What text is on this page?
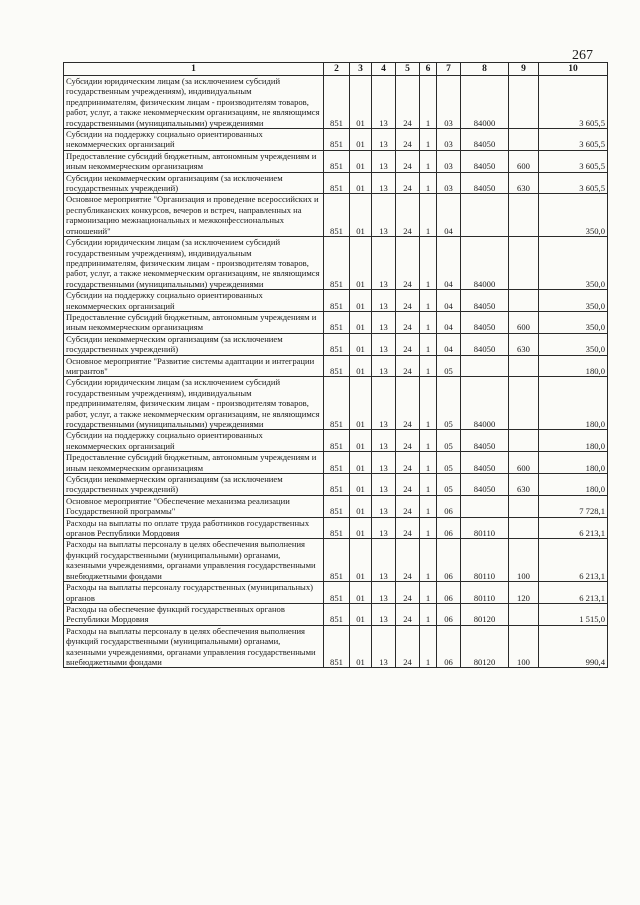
267
1	2	3	4	5	6	7	8	9	10
Субсидии юридическим лицам (за исключением субсидий государственным учреждениям), индивидуальным предпринимателям, физическим лицам - производителям товаров, работ, услуг, а также некоммерческим организациям, не являющимся государственными (муниципальными) учреждениями	851	01	13	24	1	03	84000		3 605,5
Субсидии на поддержку социально ориентированных некоммерческих организаций	851	01	13	24	1	03	84050		3 605,5
Предоставление субсидий бюджетным, автономным учреждениям и иным некоммерческим организациям	851	01	13	24	1	03	84050	600	3 605,5
Субсидии некоммерческим организациям (за исключением государственных учреждений)	851	01	13	24	1	03	84050	630	3 605,5
Основное мероприятие "Организация и проведение всероссийских и республиканских конкурсов, вечеров и встреч, направленных на гармонизацию межнациональных и межконфессиональных отношений"	851	01	13	24	1	04			350,0
Субсидии юридическим лицам (за исключением субсидий государственным учреждениям), индивидуальным предпринимателям, физическим лицам - производителям товаров, работ, услуг, а также некоммерческим организациям, не являющимся государственными (муниципальными) учреждениями	851	01	13	24	1	04	84000		350,0
Субсидии на поддержку социально ориентированных некоммерческих организаций	851	01	13	24	1	04	84050		350,0
Предоставление субсидий бюджетным, автономным учреждениям и иным некоммерческим организациям	851	01	13	24	1	04	84050	600	350,0
Субсидии некоммерческим организациям (за исключением государственных учреждений)	851	01	13	24	1	04	84050	630	350,0
Основное мероприятие "Развитие системы адаптации и интеграции мигрантов"	851	01	13	24	1	05			180,0
Субсидии юридическим лицам (за исключением субсидий государственным учреждениям), индивидуальным предпринимателям, физическим лицам - производителям товаров, работ, услуг, а также некоммерческим организациям, не являющимся государственными (муниципальными) учреждениями	851	01	13	24	1	05	84000		180,0
Субсидии на поддержку социально ориентированных некоммерческих организаций	851	01	13	24	1	05	84050		180,0
Предоставление субсидий бюджетным, автономным учреждениям и иным некоммерческим организациям	851	01	13	24	1	05	84050	600	180,0
Субсидии некоммерческим организациям (за исключением государственных учреждений)	851	01	13	24	1	05	84050	630	180,0
Основное мероприятие "Обеспечение механизма реализации Государственной программы"	851	01	13	24	1	06			7 728,1
Расходы на выплаты по оплате труда работников государственных органов Республики Мордовия	851	01	13	24	1	06	80110		6 213,1
Расходы на выплаты персоналу в целях обеспечения выполнения функций государственными (муниципальными) органами, казенными учреждениями, органами управления государственными внебюджетными фондами	851	01	13	24	1	06	80110	100	6 213,1
Расходы на выплаты персоналу государственных (муниципальных) органов	851	01	13	24	1	06	80110	120	6 213,1
Расходы на обеспечение функций государственных органов Республики Мордовия	851	01	13	24	1	06	80120		1 515,0
Расходы на выплаты персоналу в целях обеспечения выполнения функций государственными (муниципальными) органами, казенными учреждениями, органами управления государственными внебюджетными фондами	851	01	13	24	1	06	80120	100	990,4
